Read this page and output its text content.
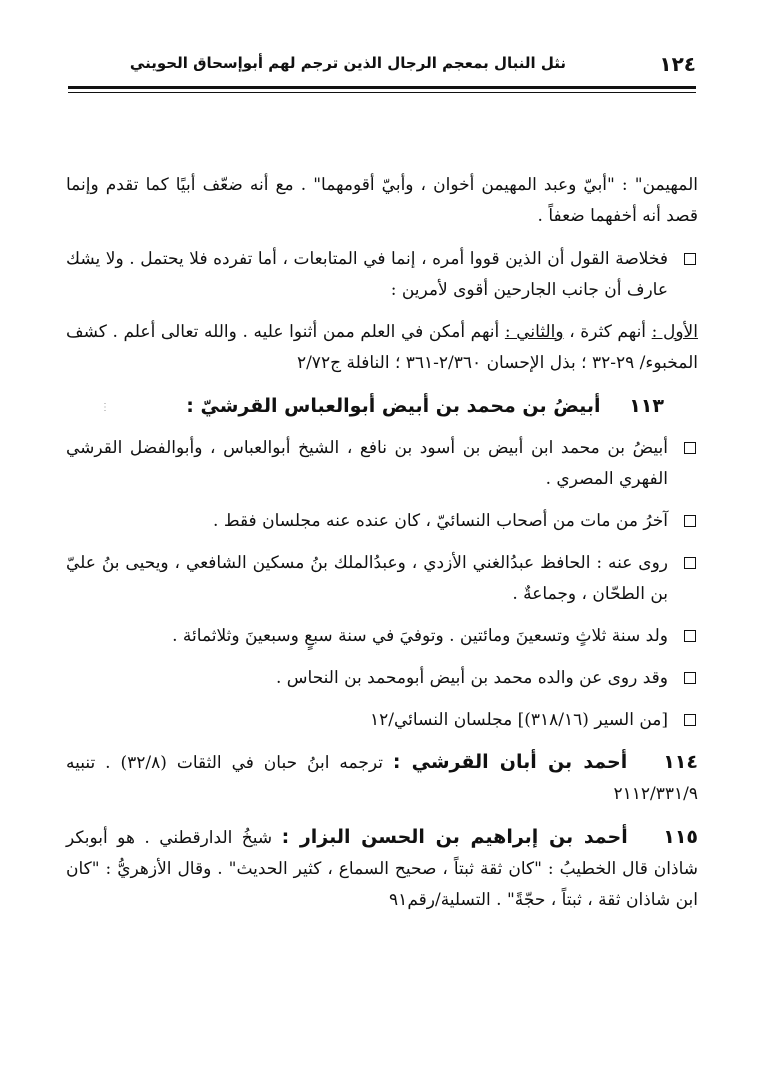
١٢٤
نثل النبال بمعجم الرجال الذين ترجم لهم أبوإسحاق الحويني
⋮

المهيمن" : "أبيّ وعبد المهيمن أخوان ، وأبيّ أقومهما" . مع أنه ضعّف أبيًا كما تقدم وإنما قصد أنه أخفهما ضعفاً .

فخلاصة القول أن الذين قووا أمره ، إنما في المتابعات ، أما تفرده فلا يحتمل . ولا يشك عارف أن جانب الجارحين أقوى لأمرين :

الأول : أنهم كثرة ، والثاني : أنهم أمكن في العلم ممن أثنوا عليه . والله تعالى أعلم . كشف المخبوء/ ٢٩-٣٢ ؛ بذل الإحسان ٢/٣٦٠-٣٦١ ؛ النافلة ج٢/٧٢

١١٣ أبيضُ بن محمد بن أبيض أبوالعباس القرشيّ :

أبيضُ بن محمد ابن أبيض بن أسود بن نافع ، الشيخ أبوالعباس ، وأبوالفضل القرشي الفهري المصري .

آخرُ من مات من أصحاب النسائيّ ، كان عنده عنه مجلسان فقط .

روى عنه : الحافظ عبدُالغني الأزدي ، وعبدُالملك بنُ مسكين الشافعي ، ويحيى بنُ عليّ بن الطحّان ، وجماعةٌ .

ولد سنة ثلاثٍ وتسعينَ ومائتين . وتوفيَ في سنة سبعٍ وسبعينَ وثلاثمائة .

وقد روى عن والده محمد بن أبيض أبومحمد بن النحاس .

[من السير (٣١٨/١٦)] مجلسان النسائي/١٢

١١٤ أحمد بن أبان القرشي : ترجمه ابنُ حبان في الثقات (٣٢/٨) . تنبيه ٢١١٢/٣٣١/٩

١١٥ أحمد بن إبراهيم بن الحسن البزار : شيخُ الدارقطني . هو أبوبكر شاذان قال الخطيبُ : "كان ثقة ثبتاً ، صحيح السماع ، كثير الحديث" . وقال الأزهريُّ : "كان ابن شاذان ثقة ، ثبتاً ، حجّةً" . التسلية/رقم٩١
